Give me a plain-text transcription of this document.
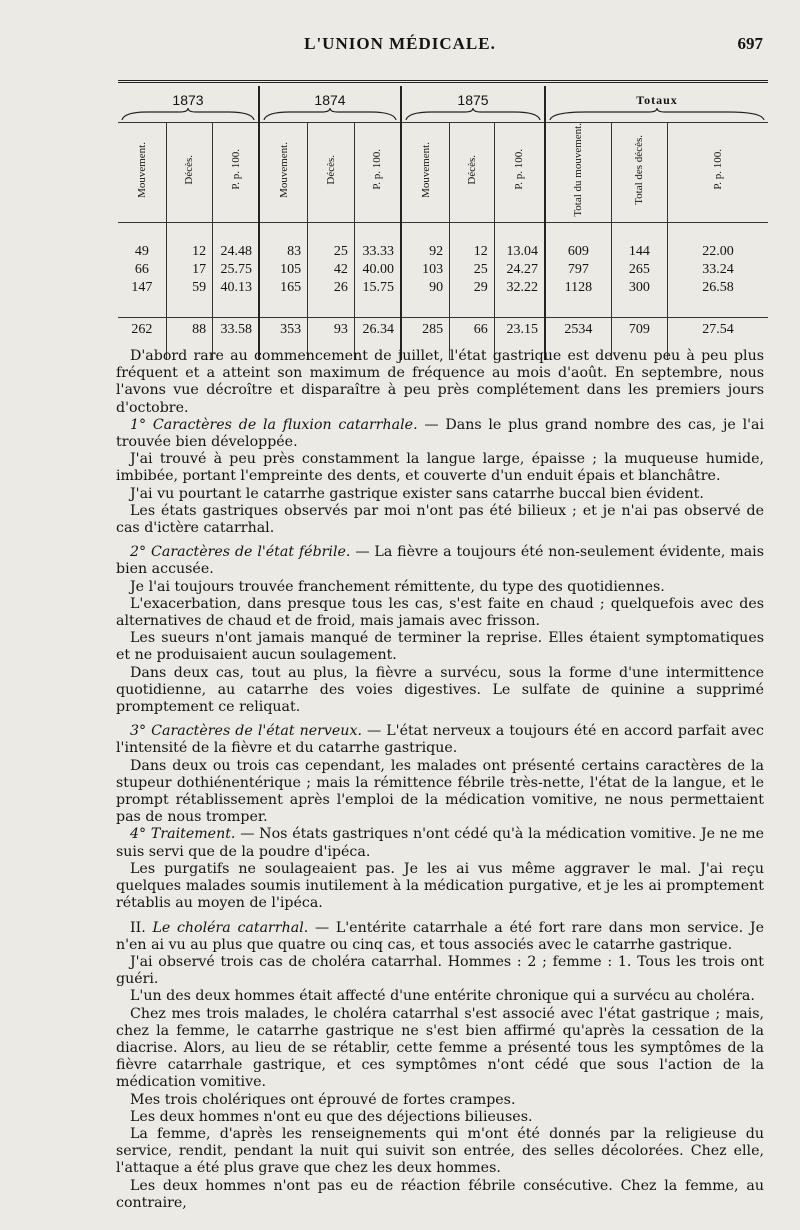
L'UNION MÉDICALE.	697

1873			1874			1875			Totaux		

Mouvement.	Décès.	P. p. 100.	Mouvement.	Décès.	P. p. 100.	Mouvement.	Décès.	P. p. 100.	Total du mouvement.	Total des décès.	P. p. 100.

49	12	24.48	83	25	33.33	92	12	13.04	609	144	22.00
66	17	25.75	105	42	40.00	103	25	24.27	797	265	33.24
147	59	40.13	165	26	15.75	90	29	32.22	1128	300	26.58

262	88	33.58	353	93	26.34	285	66	23.15	2534	709	27.54

D'abord rare au commencement de juillet, l'état gastrique est devenu peu à peu plus fréquent et a atteint son maximum de fréquence au mois d'août. En septembre, nous l'avons vue décroître et disparaître à peu près complétement dans les premiers jours d'octobre.

1° Caractères de la fluxion catarrhale. — Dans le plus grand nombre des cas, je l'ai trouvée bien développée.

J'ai trouvé à peu près constamment la langue large, épaisse ; la muqueuse humide, imbibée, portant l'empreinte des dents, et couverte d'un enduit épais et blanchâtre.

J'ai vu pourtant le catarrhe gastrique exister sans catarrhe buccal bien évident.

Les états gastriques observés par moi n'ont pas été bilieux ; et je n'ai pas observé de cas d'ictère catarrhal.

2° Caractères de l'état fébrile. — La fièvre a toujours été non-seulement évidente, mais bien accusée.

Je l'ai toujours trouvée franchement rémittente, du type des quotidiennes.

L'exacerbation, dans presque tous les cas, s'est faite en chaud ; quelquefois avec des alternatives de chaud et de froid, mais jamais avec frisson.

Les sueurs n'ont jamais manqué de terminer la reprise. Elles étaient symptomatiques et ne produisaient aucun soulagement.

Dans deux cas, tout au plus, la fièvre a survécu, sous la forme d'une intermittence quotidienne, au catarrhe des voies digestives. Le sulfate de quinine a supprimé promptement ce reliquat.

3° Caractères de l'état nerveux. — L'état nerveux a toujours été en accord parfait avec l'intensité de la fièvre et du catarrhe gastrique.

Dans deux ou trois cas cependant, les malades ont présenté certains caractères de la stupeur dothiénentérique ; mais la rémittence fébrile très-nette, l'état de la langue, et le prompt rétablissement après l'emploi de la médication vomitive, ne nous permettaient pas de nous tromper.

4° Traitement. — Nos états gastriques n'ont cédé qu'à la médication vomitive. Je ne me suis servi que de la poudre d'ipéca.

Les purgatifs ne soulageaient pas. Je les ai vus même aggraver le mal. J'ai reçu quelques malades soumis inutilement à la médication purgative, et je les ai promptement rétablis au moyen de l'ipéca.

II. Le choléra catarrhal. — L'entérite catarrhale a été fort rare dans mon service. Je n'en ai vu au plus que quatre ou cinq cas, et tous associés avec le catarrhe gastrique.

J'ai observé trois cas de choléra catarrhal. Hommes : 2 ; femme : 1. Tous les trois ont guéri.

L'un des deux hommes était affecté d'une entérite chronique qui a survécu au choléra.

Chez mes trois malades, le choléra catarrhal s'est associé avec l'état gastrique ; mais, chez la femme, le catarrhe gastrique ne s'est bien affirmé qu'après la cessation de la diacrise. Alors, au lieu de se rétablir, cette femme a présenté tous les symptômes de la fièvre catarrhale gastrique, et ces symptômes n'ont cédé que sous l'action de la médication vomitive.

Mes trois cholériques ont éprouvé de fortes crampes.

Les deux hommes n'ont eu que des déjections bilieuses.

La femme, d'après les renseignements qui m'ont été donnés par la religieuse du service, rendit, pendant la nuit qui suivit son entrée, des selles décolorées. Chez elle, l'attaque a été plus grave que chez les deux hommes.

Les deux hommes n'ont pas eu de réaction fébrile consécutive. Chez la femme, au contraire,
